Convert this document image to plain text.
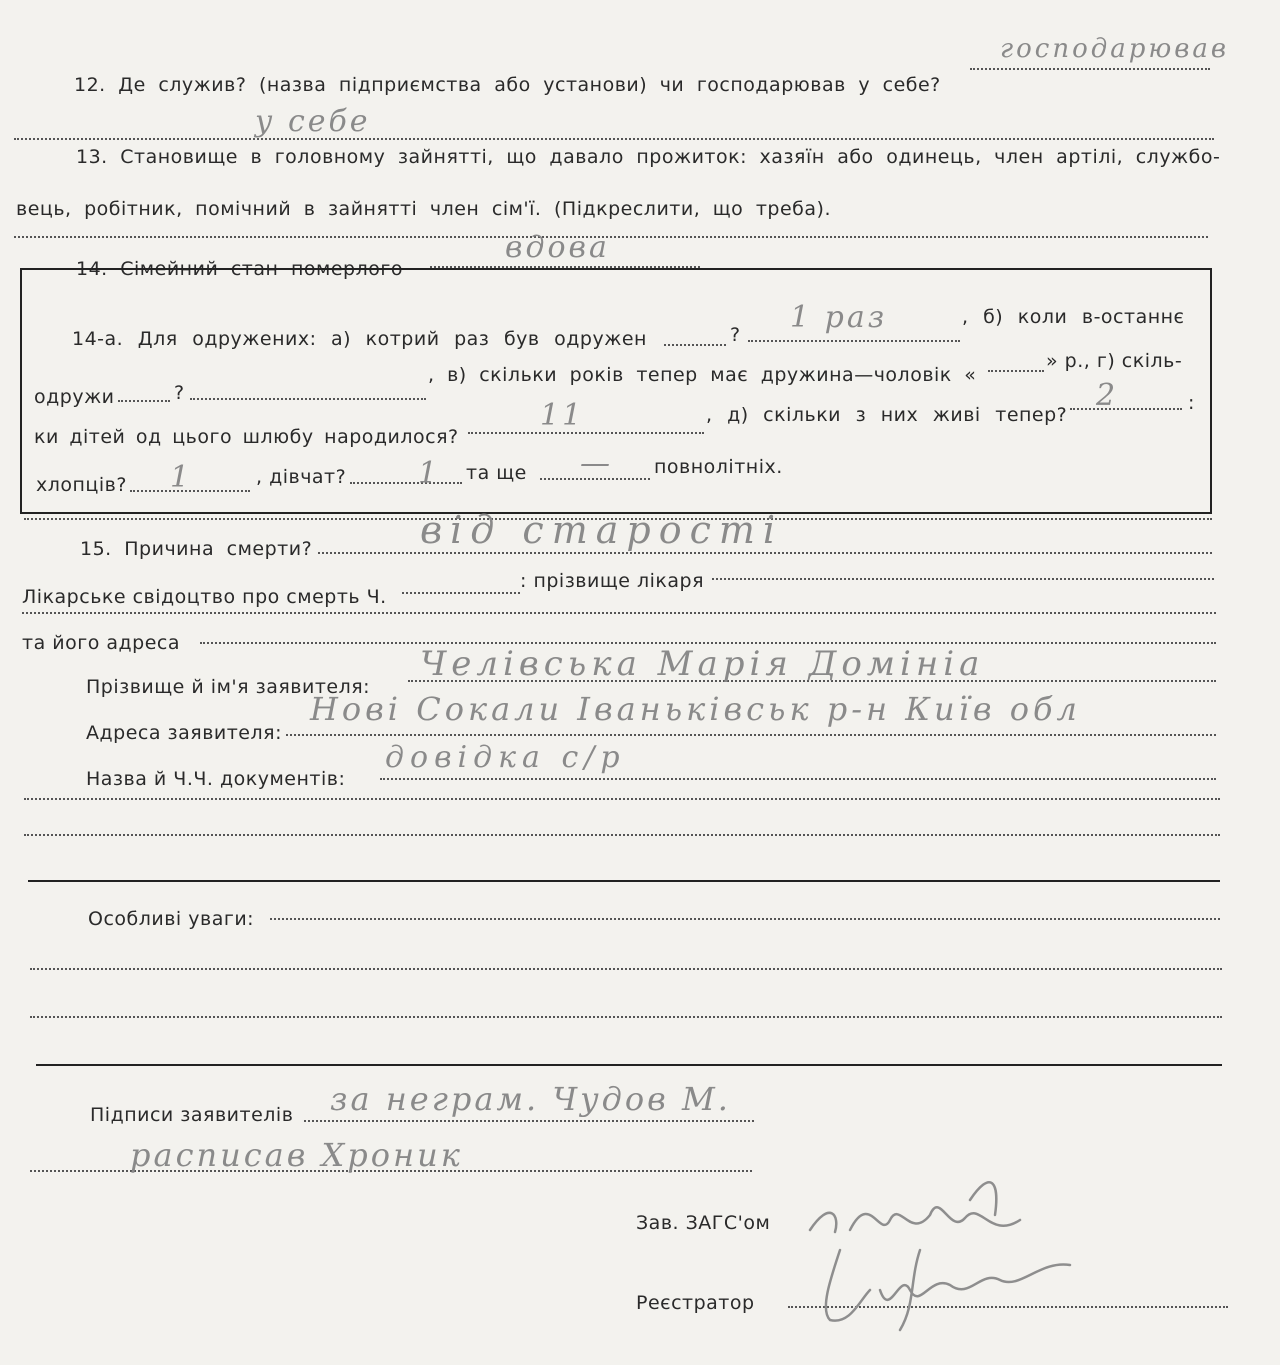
12. Де служив? (назва підприємства або установи) чи господарював у себе?
господарював
у себе
13. Становище в головному зайнятті, що давало прожиток: хазяїн або одинець, член артілі, службо-
вець, робітник, помічний в зайнятті член сім'ї. (Підкреслити, що треба).
14. Сімейний стан померлого
вдова
14-а. Для одружених: а) котрий раз був одружен	? 1 раз	, б) коли в-останнє
одружи	?
, в) скільки років тепер має дружина—чоловік «
» р., г) скіль-
ки дітей од цього шлюбу народилося?
11	, д) скільки з них живі тепер?
2	:
хлопців? 1	, дівчат? 1 та ще — повнолітніх.
15. Причина смерти?	від старості
Лікарське свідоцтво про смерть Ч.
: прізвище лікаря
та його адреса
Прізвище й ім'я заявителя:
Челівська Марія Домініа
Адреса заявителя:
Нові Сокали Іваньківськ р-н Київ обл
Назва й Ч.Ч. документів:
довідка с/р
Особливі уваги:
Підписи заявителів за неграм. Чудов М.
расписав Хроник
Зав. ЗАГС'ом
Реєстратор
